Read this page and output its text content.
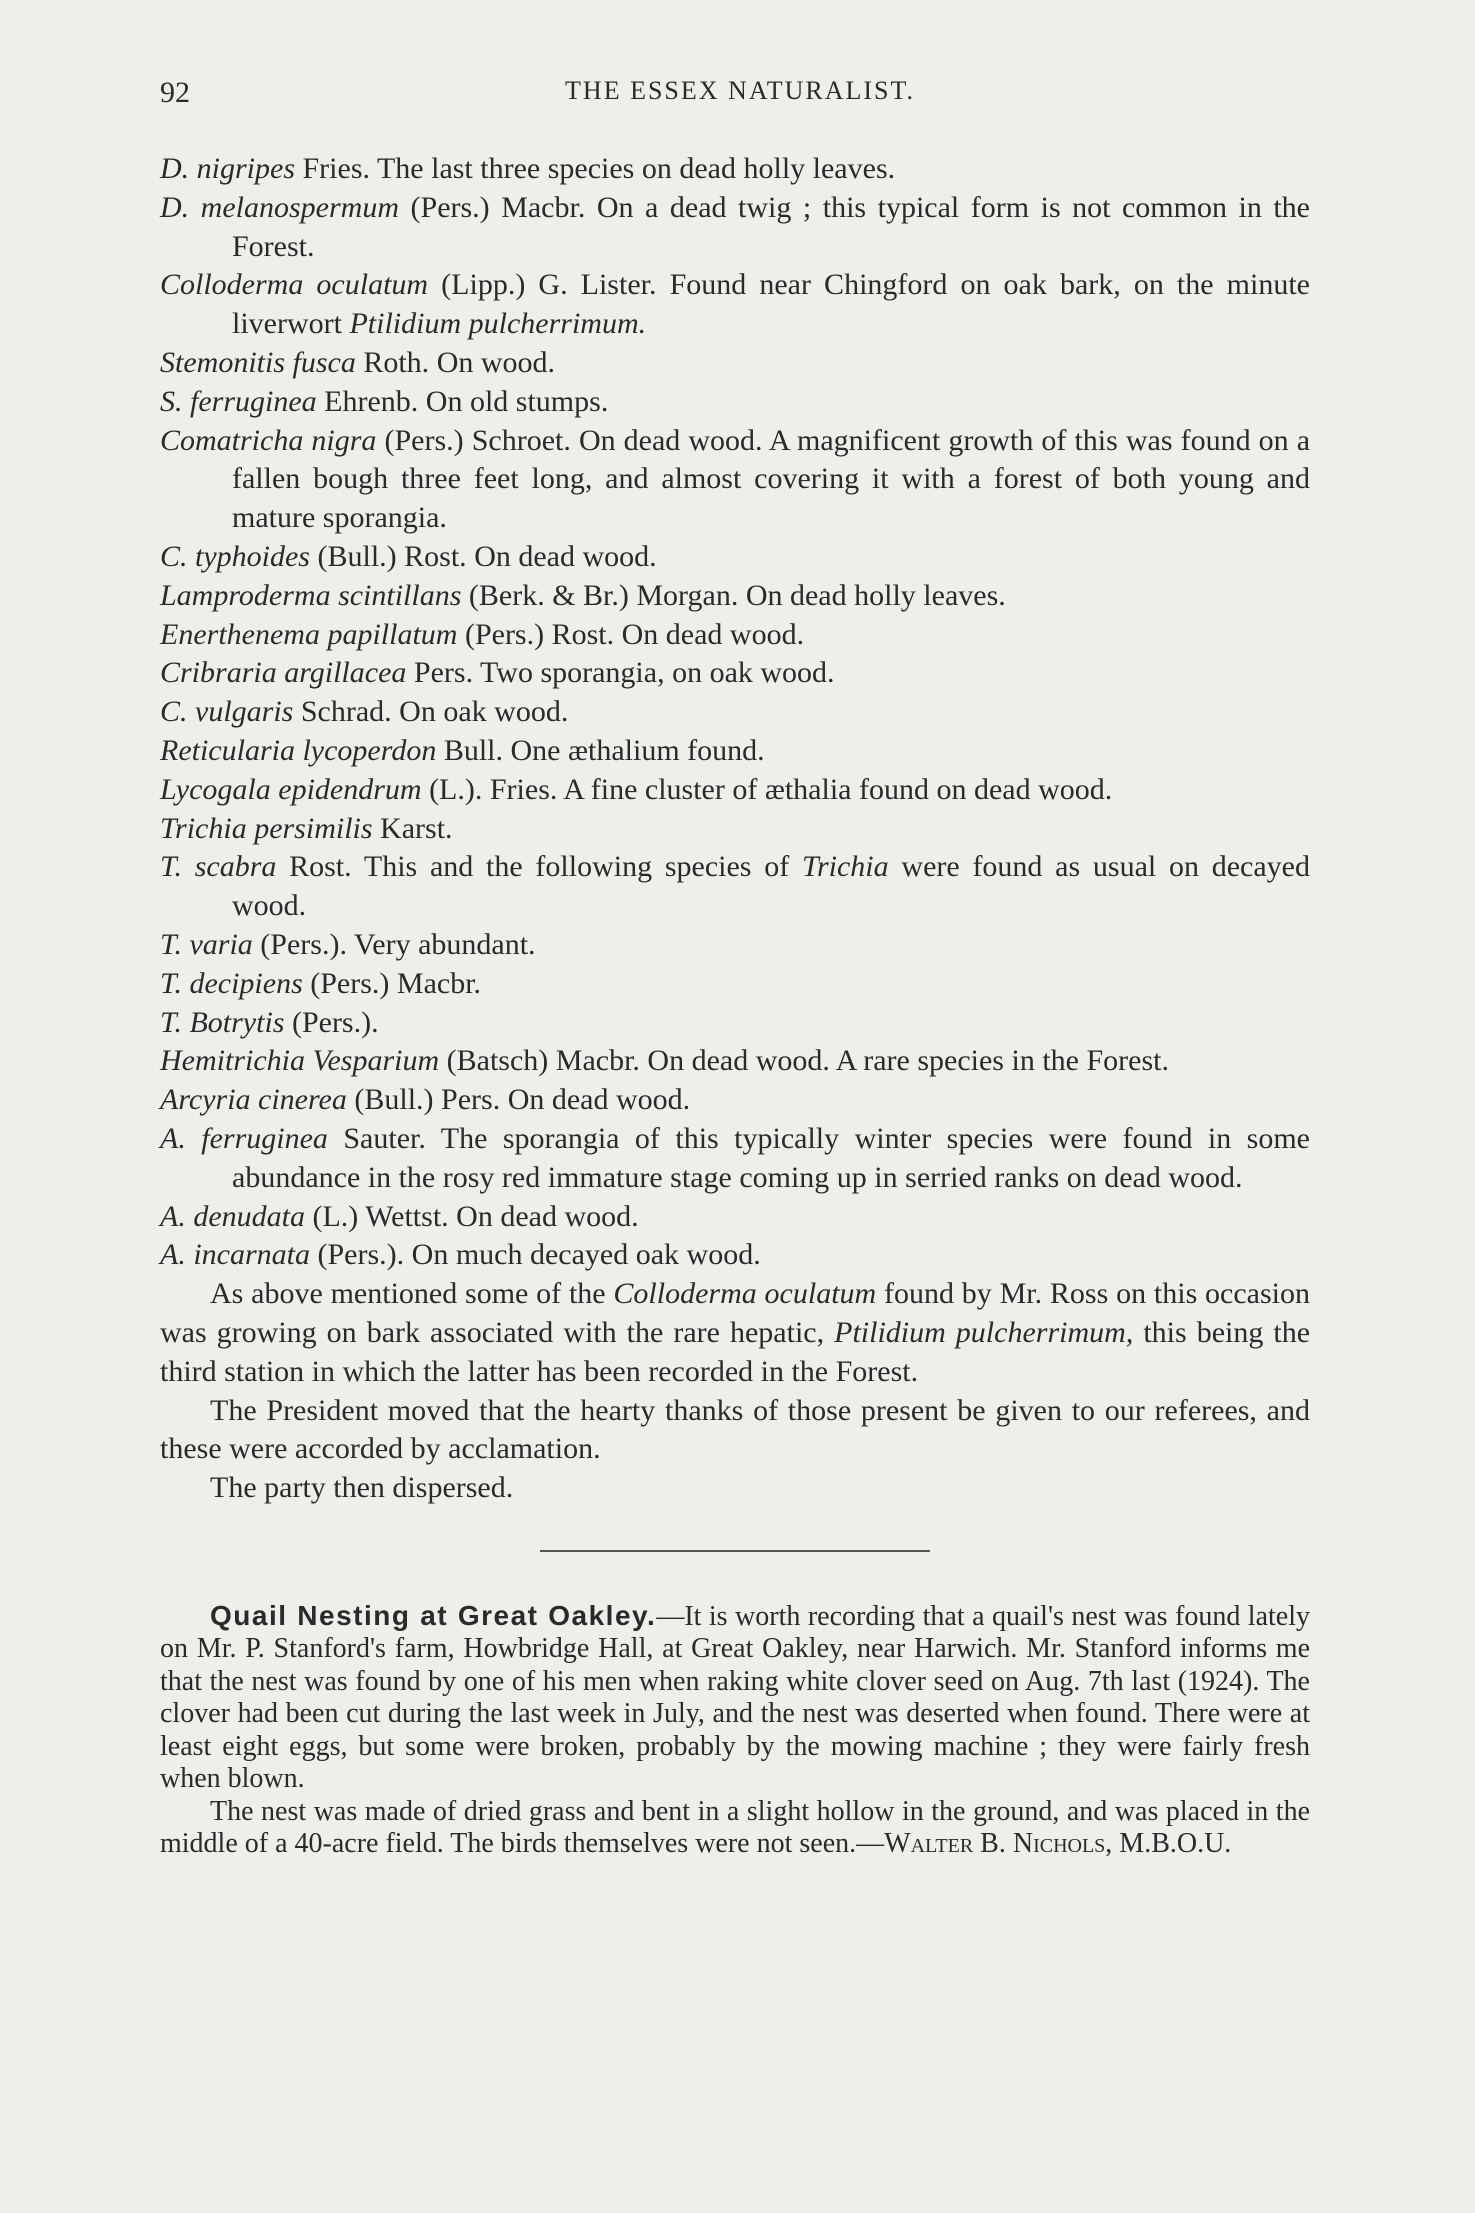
92	THE ESSEX NATURALIST.

D. nigripes Fries. The last three species on dead holly leaves.

D. melanospermum (Pers.) Macbr. On a dead twig ; this typical form is not common in the Forest.

Colloderma oculatum (Lipp.) G. Lister. Found near Chingford on oak bark, on the minute liverwort Ptilidium pulcherrimum.

Stemonitis fusca Roth. On wood.

S. ferruginea Ehrenb. On old stumps.

Comatricha nigra (Pers.) Schroet. On dead wood. A magnificent growth of this was found on a fallen bough three feet long, and almost covering it with a forest of both young and mature sporangia.

C. typhoides (Bull.) Rost. On dead wood.

Lamproderma scintillans (Berk. & Br.) Morgan. On dead holly leaves.

Enerthenema papillatum (Pers.) Rost. On dead wood.

Cribraria argillacea Pers. Two sporangia, on oak wood.

C. vulgaris Schrad. On oak wood.

Reticularia lycoperdon Bull. One æthalium found.

Lycogala epidendrum (L.). Fries. A fine cluster of æthalia found on dead wood.

Trichia persimilis Karst.

T. scabra Rost. This and the following species of Trichia were found as usual on decayed wood.

T. varia (Pers.). Very abundant.

T. decipiens (Pers.) Macbr.

T. Botrytis (Pers.).

Hemitrichia Vesparium (Batsch) Macbr. On dead wood. A rare species in the Forest.

Arcyria cinerea (Bull.) Pers. On dead wood.

A. ferruginea Sauter. The sporangia of this typically winter species were found in some abundance in the rosy red immature stage coming up in serried ranks on dead wood.

A. denudata (L.) Wettst. On dead wood.

A. incarnata (Pers.). On much decayed oak wood.

As above mentioned some of the Colloderma oculatum found by Mr. Ross on this occasion was growing on bark associated with the rare hepatic, Ptilidium pulcherrimum, this being the third station in which the latter has been recorded in the Forest.

The President moved that the hearty thanks of those present be given to our referees, and these were accorded by acclamation.

The party then dispersed.

Quail Nesting at Great Oakley.—It is worth recording that a quail's nest was found lately on Mr. P. Stanford's farm, Howbridge Hall, at Great Oakley, near Harwich. Mr. Stanford informs me that the nest was found by one of his men when raking white clover seed on Aug. 7th last (1924). The clover had been cut during the last week in July, and the nest was deserted when found. There were at least eight eggs, but some were broken, probably by the mowing machine ; they were fairly fresh when blown.

The nest was made of dried grass and bent in a slight hollow in the ground, and was placed in the middle of a 40-acre field. The birds themselves were not seen.—Walter B. Nichols, M.B.O.U.
